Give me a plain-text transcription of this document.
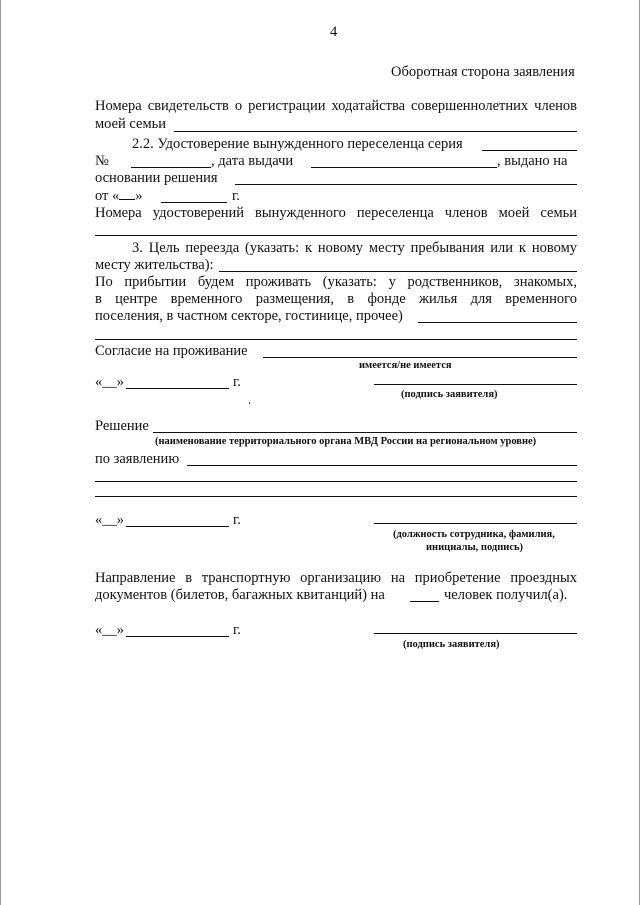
4
Оборотная сторона заявления
Номера свидетельств о регистрации ходатайства совершеннолетних членов
моей семьи
2.2. Удостоверение вынужденного переселенца серия
№	, дата выдачи	, выдано на
основании решения
от « »	г.
Номера удостоверений вынужденного переселенца членов моей семьи
3. Цель переезда (указать: к новому месту пребывания или к новому
месту жительства):
По прибытии будем проживать (указать: у родственников, знакомых,
в центре временного размещения, в фонде жилья для временного
поселения, в частном секторе, гостинице, прочее)
Согласие на проживание
имеется/не имеется
«__»	г.
(подпись заявителя)
Решение
(наименование территориального органа МВД России на региональном уровне)
по заявлению
«__»	г.
(должность сотрудника, фамилия,
инициалы, подпись)
Направление в транспортную организацию на приобретение проездных
документов (билетов, багажных квитанций) на	человек получил(а).
«__»	г.
(подпись заявителя)
